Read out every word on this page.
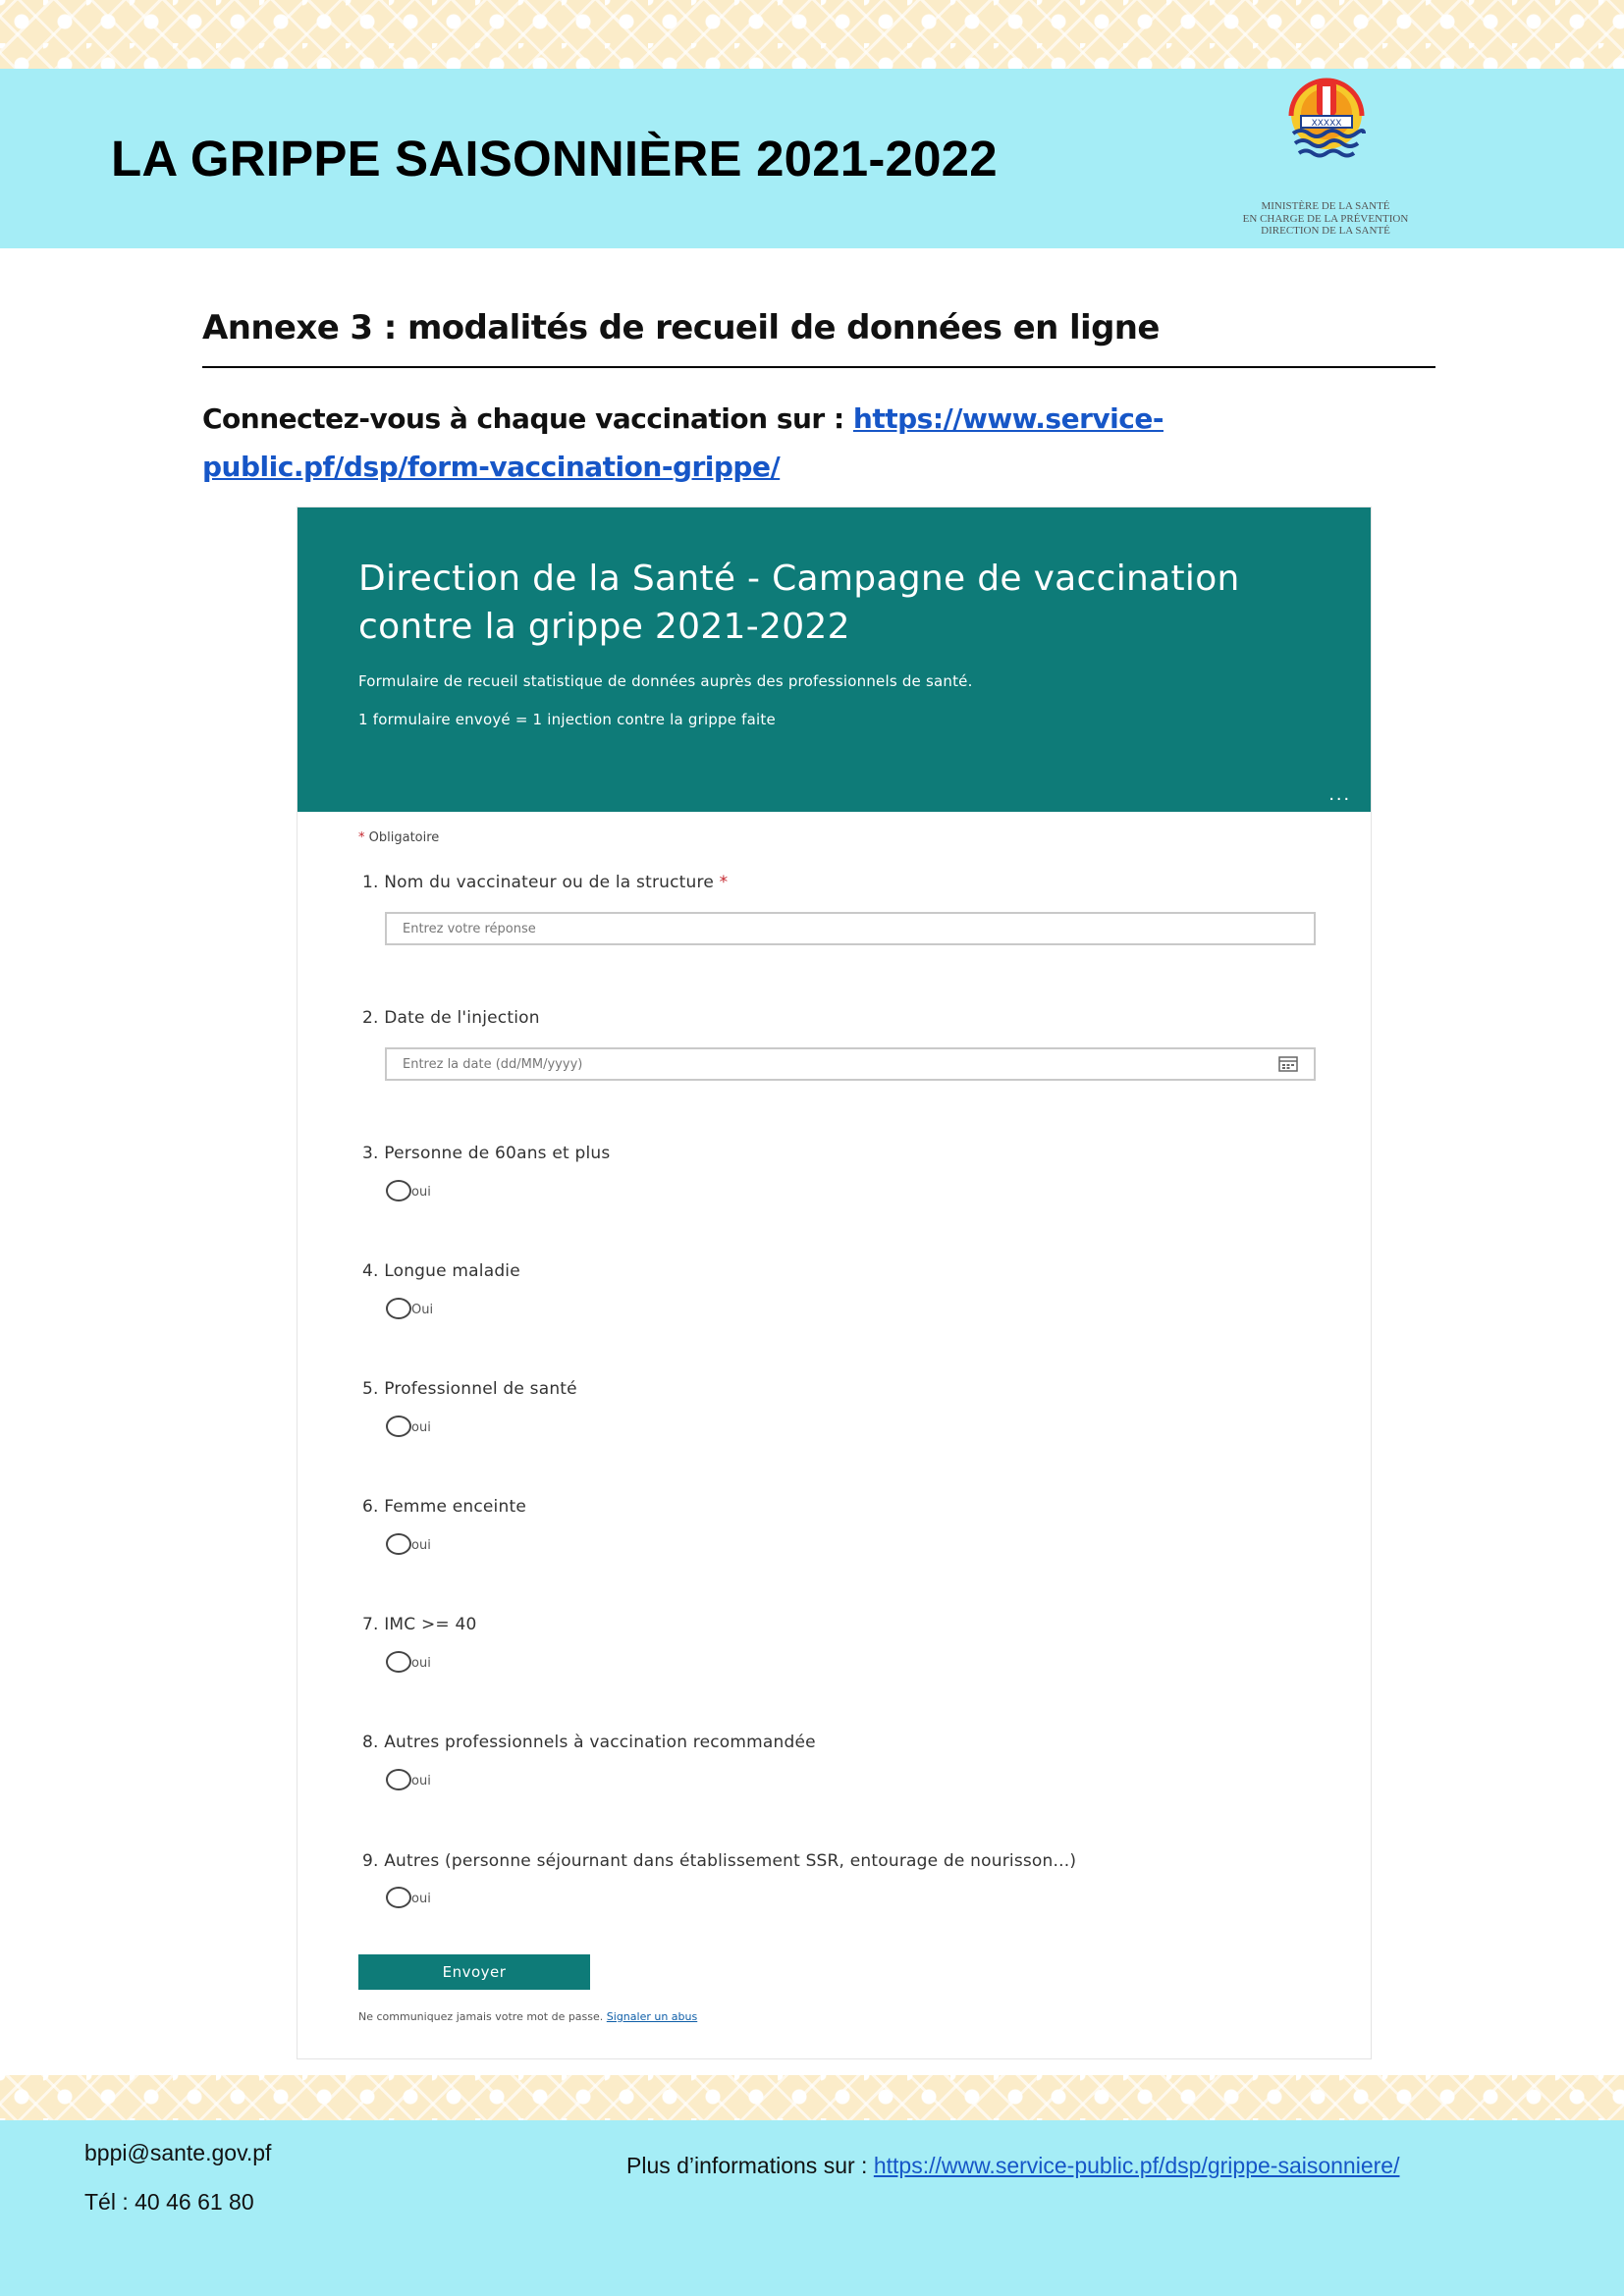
LA GRIPPE SAISONNIÈRE 2021-2022
XXXXX
MINISTÈRE DE LA SANTÉ
EN CHARGE DE LA PRÉVENTION
DIRECTION DE LA SANTÉ
Annexe 3 : modalités de recueil de données en ligne
Connectez-vous à chaque vaccination sur : https://www.service-public.pf/dsp/form-vaccination-grippe/
Direction de la Santé - Campagne de vaccination contre la grippe 2021-2022
Formulaire de recueil statistique de données auprès des professionnels de santé.
1 formulaire envoyé = 1 injection contre la grippe faite
...
* Obligatoire
1. Nom du vaccinateur ou de la structure *
Entrez votre réponse
2. Date de l'injection
Entrez la date (dd/MM/yyyy)
3. Personne de 60ans et plus
oui
4. Longue maladie
Oui
5. Professionnel de santé
oui
6. Femme enceinte
oui
7. IMC >= 40
oui
8. Autres professionnels à vaccination recommandée
oui
9. Autres (personne séjournant dans établissement SSR, entourage de nourisson...)
oui
Envoyer
Ne communiquez jamais votre mot de passe. Signaler un abus
bppi@sante.gov.pf
Tél : 40 46 61 80
Plus d’informations sur : https://www.service-public.pf/dsp/grippe-saisonniere/
